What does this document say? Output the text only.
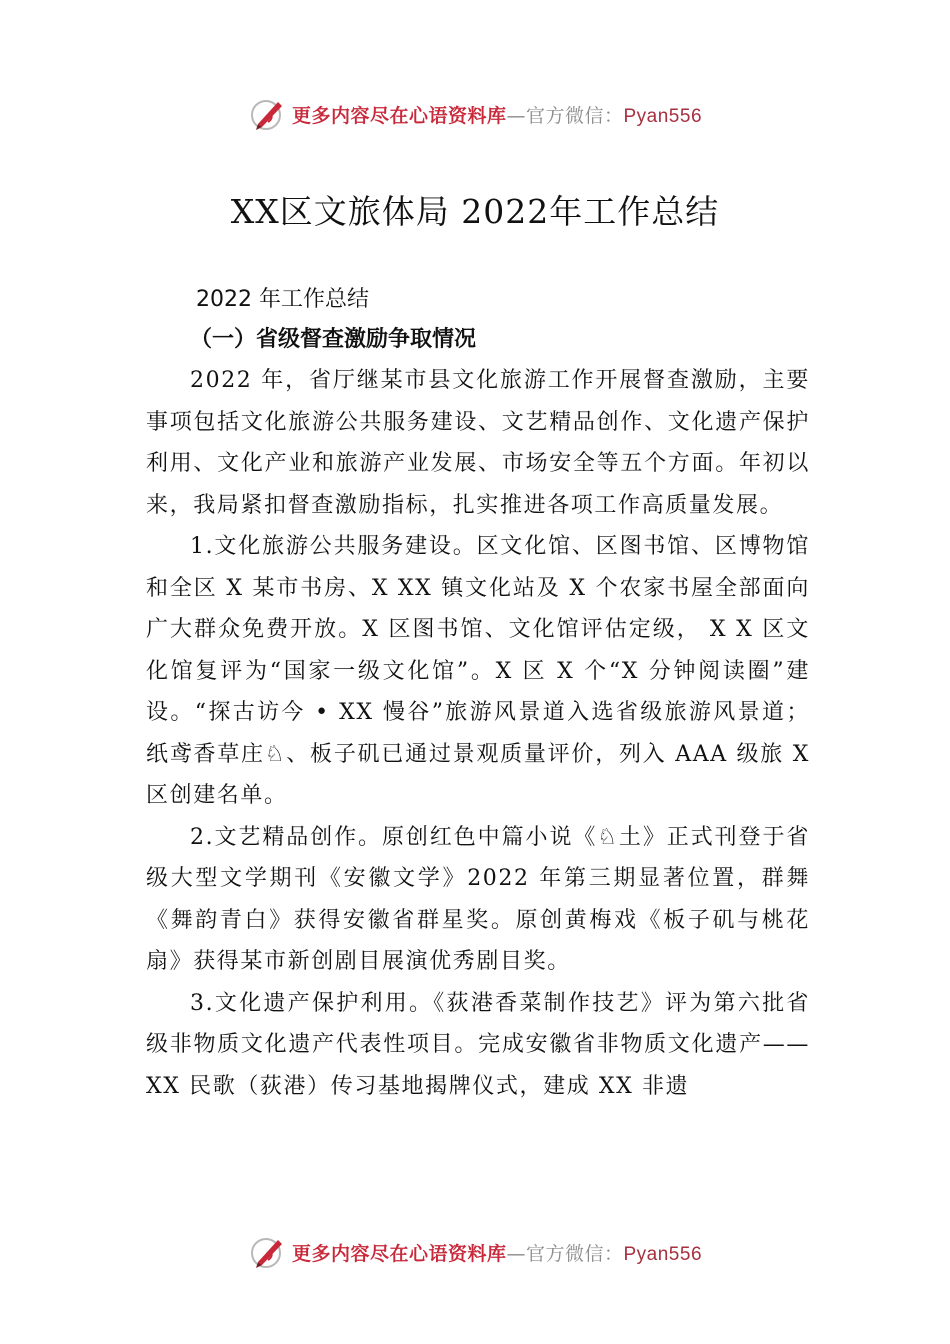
更多内容尽在心语资料库—官方微信：Pyan556
XX区文旅体局 2022年工作总结

2022 年工作总结

（一）省级督查激励争取情况

2022 年，省厅继某市县文化旅游工作开展督查激励，主要事项包括文化旅游公共服务建设、文艺精品创作、文化遗产保护利用、文化产业和旅游产业发展、市场安全等五个方面。年初以来，我局紧扣督查激励指标，扎实推进各项工作高质量发展。

1.文化旅游公共服务建设。区文化馆、区图书馆、区博物馆和全区 X 某市书房、X XX 镇文化站及 X 个农家书屋全部面向广大群众免费开放。X 区图书馆、文化馆评估定级， X X 区文化馆复评为“国家一级文化馆”。X 区 X 个“X 分钟阅读圈”建设。“探古访今 • XX 慢谷”旅游风景道入选省级旅游风景道；纸鸢香草庄♘、板子矶已通过景观质量评价，列入 AAA 级旅 X 区创建名单。

2.文艺精品创作。原创红色中篇小说《♘土》正式刊登于省级大型文学期刊《安徽文学》2022 年第三期显著位置，群舞《舞韵青白》获得安徽省群星奖。原创黄梅戏《板子矶与桃花扇》获得某市新创剧目展演优秀剧目奖。

3.文化遗产保护利用。《荻港香菜制作技艺》评为第六批省级非物质文化遗产代表性项目。完成安徽省非物质文化遗产——XX 民歌（荻港）传习基地揭牌仪式，建成 XX 非遗

更多内容尽在心语资料库—官方微信：Pyan556
